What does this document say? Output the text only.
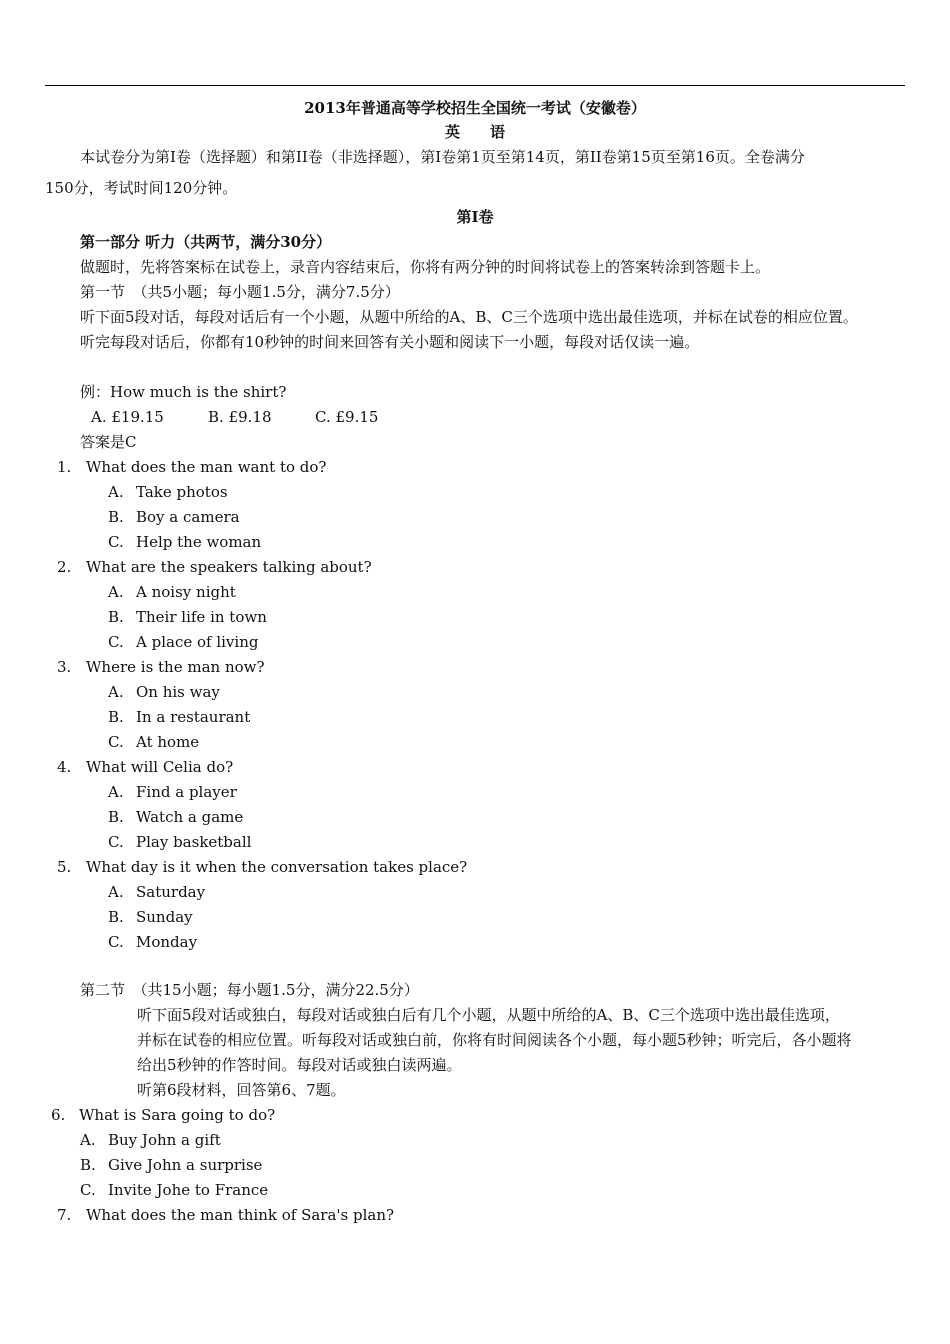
2013年普通高等学校招生全国统一考试（安徽卷）
英　　语
本试卷分为第I卷（选择题）和第II卷（非选择题），第I卷第1页至第14页，第II卷第15页至第16页。全卷满分
150分，考试时间120分钟。
第I卷
第一部分 听力（共两节，满分30分）
做题时，先将答案标在试卷上，录音内容结束后，你将有两分钟的时间将试卷上的答案转涂到答题卡上。
第一节　（共5小题；每小题1.5分，满分7.5分）
听下面5段对话，每段对话后有一个小题，从题中所给的A、B、C三个选项中选出最佳选项，并标在试卷的相应位置。
听完每段对话后，你都有10秒钟的时间来回答有关小题和阅读下一小题，每段对话仅读一遍。
例：How much is the shirt?
A. £19.15	B. £9.18	C. £9.15
答案是C
1. What does the man want to do?
A. Take photos
B. Boy a camera
C. Help the woman
2. What are the speakers talking about?
A. A noisy night
B. Their life in town
C. A place of living
3. Where is the man now?
A. On his way
B. In a restaurant
C. At home
4. What will Celia do?
A. Find a player
B. Watch a game
C. Play basketball
5. What day is it when the conversation takes place?
A. Saturday
B. Sunday
C. Monday
第二节　（共15小题；每小题1.5分，满分22.5分）
听下面5段对话或独白，每段对话或独白后有几个小题，从题中所给的A、B、C三个选项中选出最佳选项，
并标在试卷的相应位置。听每段对话或独白前，你将有时间阅读各个小题，每小题5秒钟；听完后，各小题将
给出5秒钟的作答时间。每段对话或独白读两遍。
听第6段材料，回答第6、7题。
6. What is Sara going to do?
A. Buy John a gift
B. Give John a surprise
C. Invite Johe to France
7. What does the man think of Sara's plan?
